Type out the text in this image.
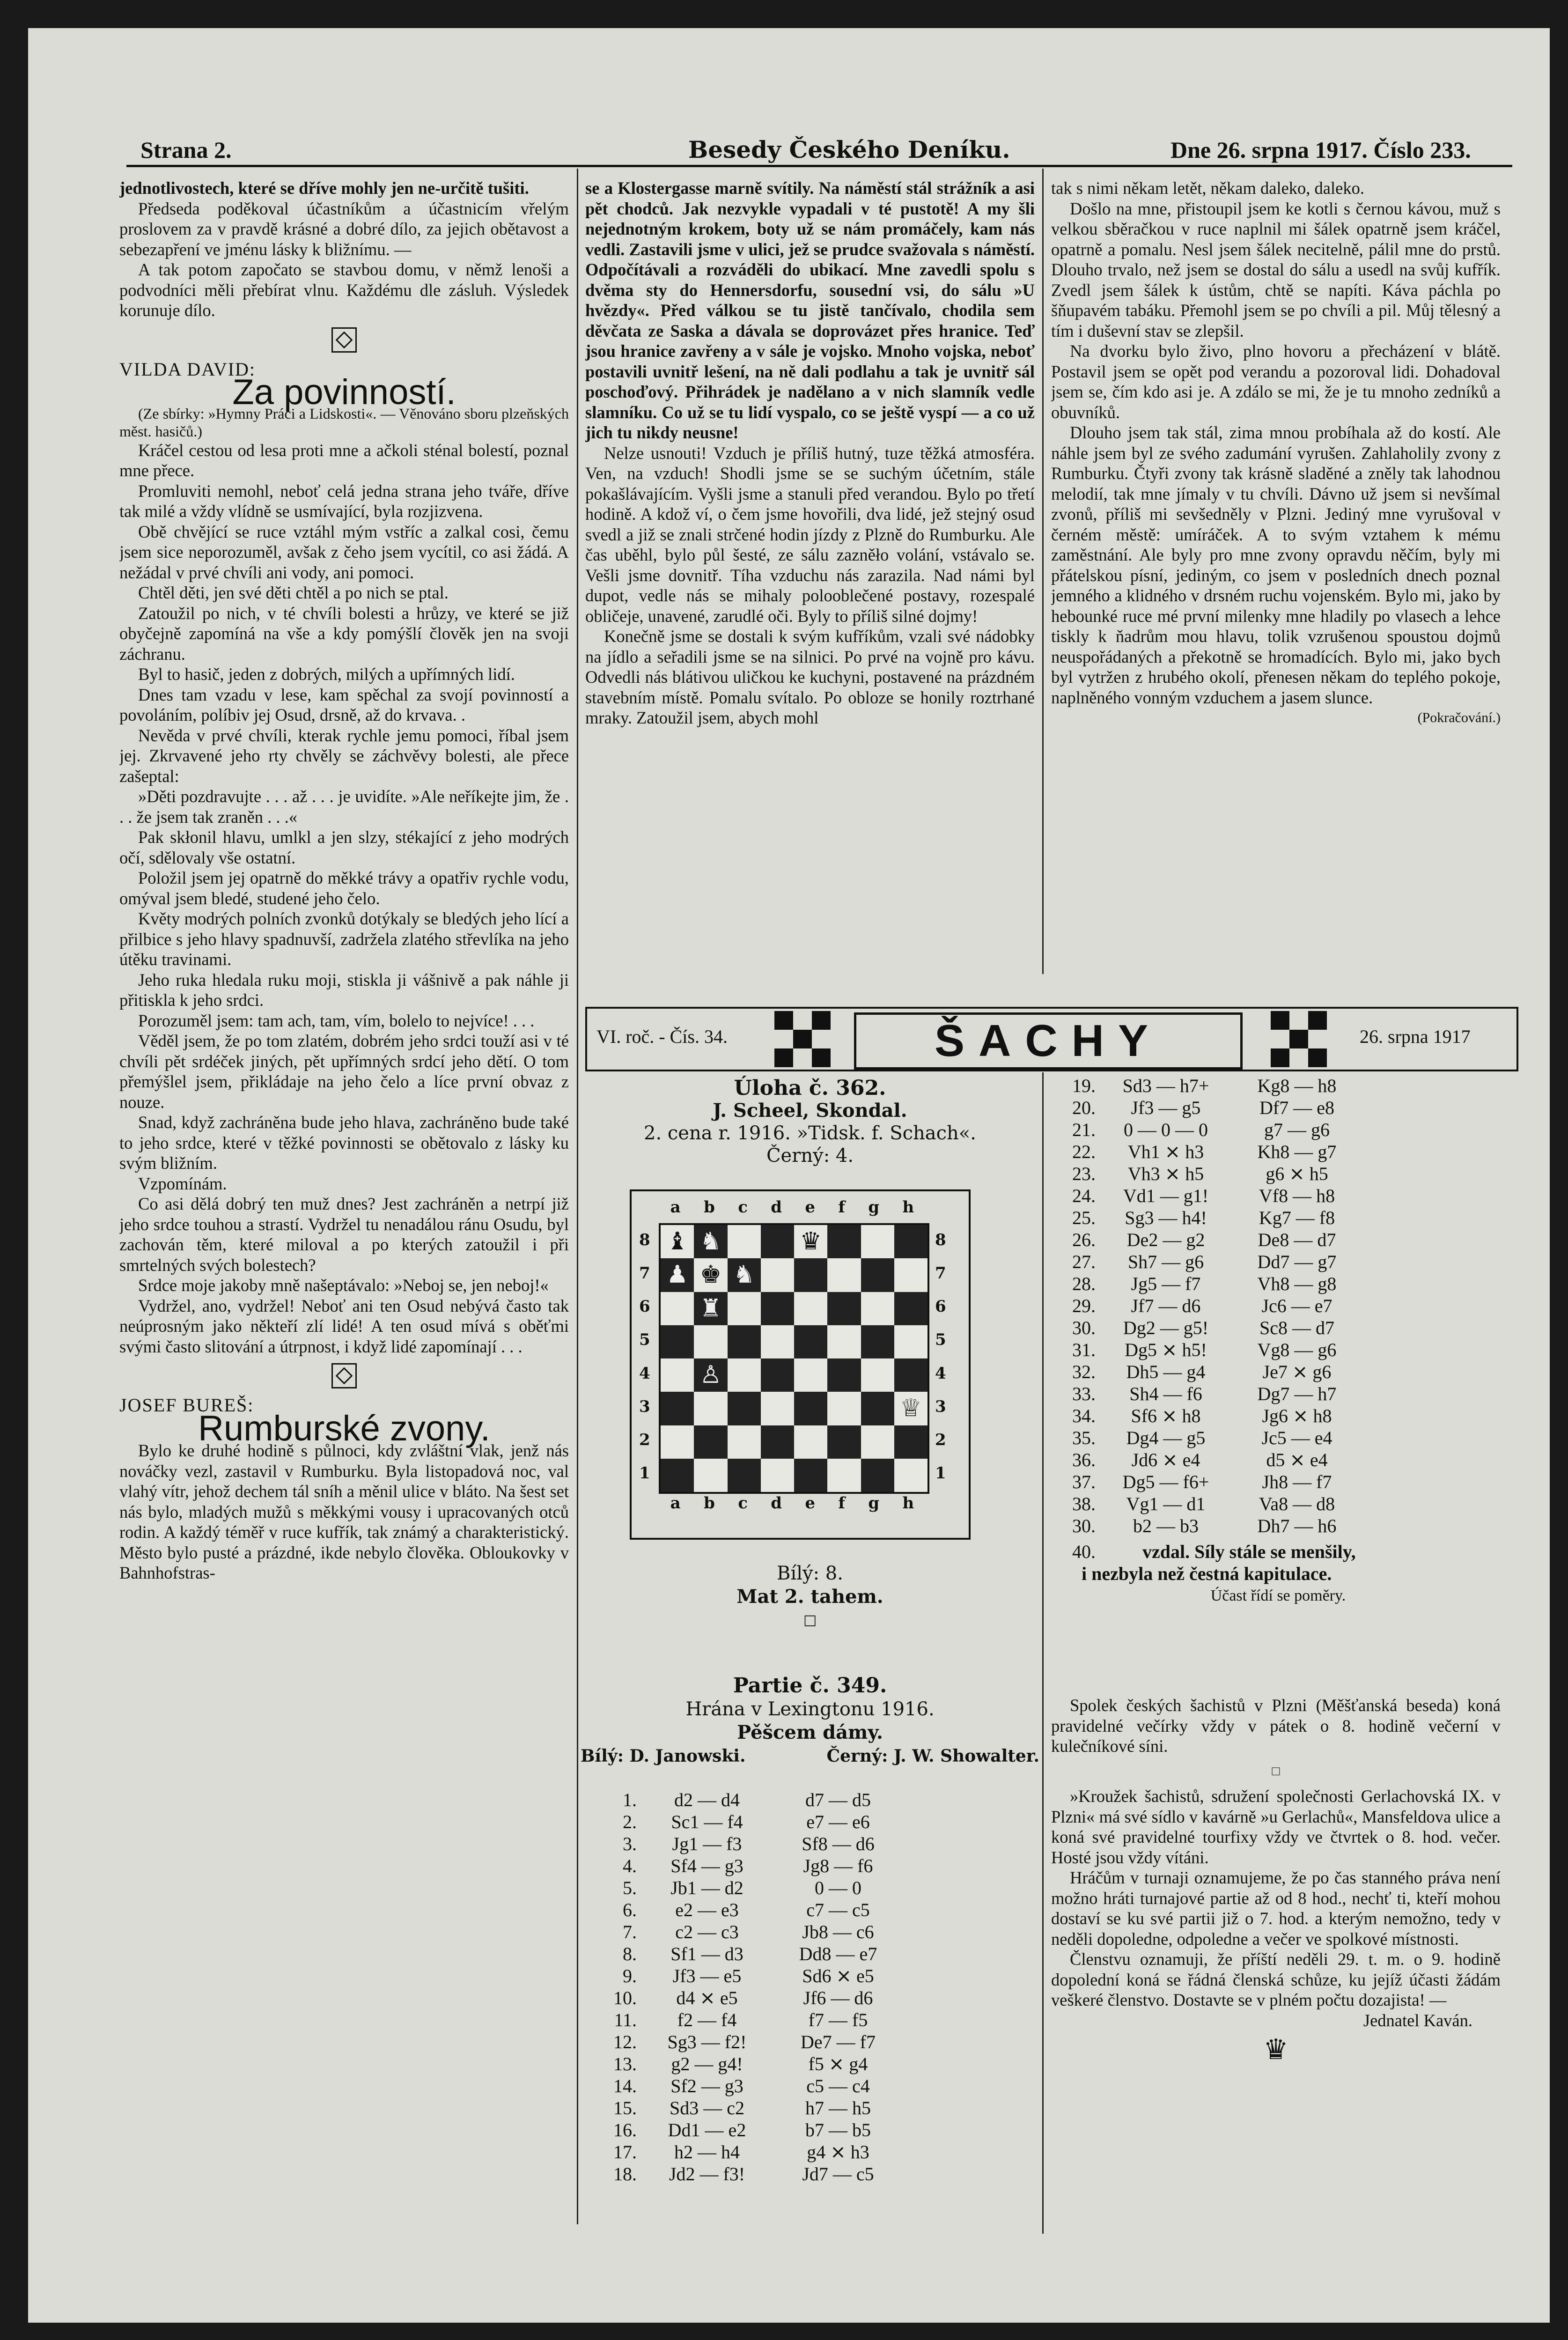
Strana 2.	Besedy Českého Deníku.	Dne 26. srpna 1917. Číslo 233.

jednotlivostech, které se dříve mohly jen ne-určitě tušiti.

Předseda poděkoval účastníkům a účastnicím vřelým proslovem za v pravdě krásné a dobré dílo, za jejich obětavost a sebezapření ve jménu lásky k bližnímu. —

A tak potom započato se stavbou domu, v němž lenoši a podvodníci měli přebírat vlnu. Každému dle zásluh. Výsledek korunuje dílo.

VILDA DAVID:
Za povinností.

(Ze sbírky: »Hymny Práci a Lidskosti«. — Věnováno sboru plzeňských měst. hasičů.)

Kráčel cestou od lesa proti mne a ačkoli sténal bolestí, poznal mne přece.

Promluviti nemohl, neboť celá jedna strana jeho tváře, dříve tak milé a vždy vlídně se usmívající, byla rozjizvena.

Obě chvějící se ruce vztáhl mým vstříc a zalkal cosi, čemu jsem sice neporozuměl, avšak z čeho jsem vycítil, co asi žádá. A nežádal v prvé chvíli ani vody, ani pomoci.

Chtěl děti, jen své děti chtěl a po nich se ptal.

Zatoužil po nich, v té chvíli bolesti a hrůzy, ve které se již obyčejně zapomíná na vše a kdy pomýšlí člověk jen na svoji záchranu.

Byl to hasič, jeden z dobrých, milých a upřímných lidí.

Dnes tam vzadu v lese, kam spěchal za svojí povinností a povoláním, políbiv jej Osud, drsně, až do krvava. .

Nevěda v prvé chvíli, kterak rychle jemu pomoci, říbal jsem jej. Zkrvavené jeho rty chvěly se záchvěvy bolesti, ale přece zašeptal:

»Děti pozdravujte . . . až . . . je uvidíte. »Ale neříkejte jim, že . . . že jsem tak zraněn . . .«

Pak skłonil hlavu, umlkl a jen slzy, stékající z jeho modrých očí, sdělovaly vše ostatní.

Položil jsem jej opatrně do měkké trávy a opatřiv rychle vodu, omýval jsem bledé, studené jeho čelo.

Květy modrých polních zvonků dotýkaly se bledých jeho lící a přilbice s jeho hlavy spadnuvší, zadržela zlatého střevlíka na jeho útěku travinami.

Jeho ruka hledala ruku moji, stiskla ji vášnivě a pak náhle ji přitiskla k jeho srdci.

Porozuměl jsem: tam ach, tam, vím, bolelo to nejvíce! . . .

Věděl jsem, že po tom zlatém, dobrém jeho srdci touží asi v té chvíli pět srdéček jiných, pět upřímných srdcí jeho dětí. O tom přemýšlel jsem, přikládaje na jeho čelo a líce první obvaz z nouze.

Snad, když zachráněna bude jeho hlava, zachráněno bude také to jeho srdce, které v těžké povinnosti se obětovalo z lásky ku svým bližním.

Vzpomínám.

Co asi dělá dobrý ten muž dnes? Jest zachráněn a netrpí již jeho srdce touhou a strastí. Vydržel tu nenadálou ránu Osudu, byl zachován těm, které miloval a po kterých zatoužil i při smrtelných svých bolestech?

Srdce moje jakoby mně našeptávalo: »Neboj se, jen neboj!«

Vydržel, ano, vydržel! Neboť ani ten Osud nebývá často tak neúprosným jako někteří zlí lidé! A ten osud mívá s oběťmi svými často slitování a útrpnost, i když lidé zapomínají . . .

JOSEF BUREŠ:
Rumburské zvony.

Bylo ke druhé hodině s půlnoci, kdy zvláštní vlak, jenž nás nováčky vezl, zastavil v Rumburku. Byla listopadová noc, val vlahý vítr, jehož dechem tál sníh a měnil ulice v bláto. Na šest set nás bylo, mladých mužů s měkkými vousy i upracovaných otců rodin. A každý téměř v ruce kufřík, tak známý a charakteristický. Město bylo pusté a prázdné, ikde nebylo člověka. Obloukovky v Bahnhofstras-

se a Klostergasse marně svítily. Na náměstí stál strážník a asi pět chodců. Jak nezvykle vypadali v té pustotě! A my šli nejednotným krokem, boty už se nám promáčely, kam nás vedli. Zastavili jsme v ulici, jež se prudce svažovala s náměstí. Odpočítávali a rozváděli do ubikací. Mne zavedli spolu s dvěma sty do Hennersdorfu, sousední vsi, do sálu »U hvězdy«. Před válkou se tu jistě tančívalo, chodila sem děvčata ze Saska a dávala se doprovázet přes hranice. Teď jsou hranice zavřeny a v sále je vojsko. Mnoho vojska, neboť postavili uvnitř lešení, na ně dali podlahu a tak je uvnitř sál poschoďový. Přihrádek je nadělano a v nich slamník vedle slamníku. Co už se tu lidí vyspalo, co se ještě vyspí — a co už jich tu nikdy neusne!

Nelze usnouti! Vzduch je příliš hutný, tuze těžká atmosféra. Ven, na vzduch! Shodli jsme se se suchým účetním, stále pokašlávajícím. Vyšli jsme a stanuli před verandou. Bylo po třetí hodině. A kdož ví, o čem jsme hovořili, dva lidé, jež stejný osud svedl a již se znali strčené hodin jízdy z Plzně do Rumburku. Ale čas uběhl, bylo půl šesté, ze sálu zazněło volání, vstávalo se. Vešli jsme dovnitř. Tíha vzduchu nás zarazila. Nad námi byl dupot, vedle nás se mihaly polooblečené postavy, rozespalé obličeje, unavené, zarudlé oči. Byly to příliš silné dojmy!

Konečně jsme se dostali k svým kufříkům, vzali své nádobky na jídlo a seřadili jsme se na silnici. Po prvé na vojně pro kávu. Odvedli nás blátivou uličkou ke kuchyni, postavené na prázdném stavebním místě. Pomalu svítalo. Po obloze se honily roztrhané mraky. Zatoužil jsem, abych mohl

tak s nimi někam letět, někam daleko, daleko.

Došlo na mne, přistoupil jsem ke kotli s černou kávou, muž s velkou sběračkou v ruce naplnil mi šálek opatrně jsem kráčel, opatrně a pomalu. Nesl jsem šálek necitelně, pálil mne do prstů. Dlouho trvalo, než jsem se dostal do sálu a usedl na svůj kufřík. Zvedl jsem šálek k ústům, chtě se napíti. Káva páchla po šňupavém tabáku. Přemohl jsem se po chvíli a pil. Můj tělesný a tím i duševní stav se zlepšil.

Na dvorku bylo živo, plno hovoru a přecházení v blátě. Postavil jsem se opět pod verandu a pozoroval lidi. Dohadoval jsem se, čím kdo asi je. A zdálo se mi, že je tu mnoho zedníků a obuvníků.

Dlouho jsem tak stál, zima mnou probíhala až do kostí. Ale náhle jsem byl ze svého zadumání vyrušen. Zahlaholily zvony z Rumburku. Čtyři zvony tak krásně sladěné a zněly tak lahodnou melodií, tak mne jímaly v tu chvíli. Dávno už jsem si nevšímal zvonů, příliš mi sevšedněly v Plzni. Jediný mne vyrušoval v černém městě: umíráček. A to svým vztahem k mému zaměstnání. Ale byly pro mne zvony opravdu něčím, byly mi přátelskou písní, jediným, co jsem v posledních dnech poznal jemného a klidného v drsném ruchu vojenském. Bylo mi, jako by hebounké ruce mé první milenky mne hladily po vlasech a lehce tiskly k ňadrům mou hlavu, tolik vzrušenou spoustou dojmů neuspořádaných a překotně se hromadících. Bylo mi, jako bych byl vytržen z hrubého okolí, přenesen někam do teplého pokoje, naplněného vonným vzduchem a jasem slunce.

(Pokračování.)
VI. roč. - Čís. 34.	ŠACHY	26. srpna 1917
Úloha č. 362.
J. Scheel, Skondal.
2. cena r. 1916. »Tidsk. f. Schach«.
Černý: 4.
a b c d e f g h
a b c d e f g h
8
7
6
5
4
3
2
1
8
7
6
5
4
3
2
1
♝ ♞	♛
♟ ♚ ♞
♜
♙
♕
Bílý: 8.
Mat 2. tahem.
□
Partie č. 349.
Hrána v Lexingtonu 1916.
Pěšcem dámy.
Bílý: D. Janowski.	Černý: J. W. Showalter.
1.	d2 — d4	d7 — d5
2.	Sc1 — f4	e7 — e6
3.	Jg1 — f3	Sf8 — d6
4.	Sf4 — g3	Jg8 — f6
5.	Jb1 — d2	0 — 0
6.	e2 — e3	c7 — c5
7.	c2 — c3	Jb8 — c6
8.	Sf1 — d3	Dd8 — e7
9.	Jf3 — e5	Sd6 ⨯ e5
10.	d4 ⨯ e5	Jf6 — d6
11.	f2 — f4	f7 — f5
12.	Sg3 — f2!	De7 — f7
13.	g2 — g4!	f5 ⨯ g4
14.	Sf2 — g3	c5 — c4
15.	Sd3 — c2	h7 — h5
16.	Dd1 — e2	b7 — b5
17.	h2 — h4	g4 ⨯ h3
18.	Jd2 — f3!	Jd7 — c5
19.	Sd3 — h7+	Kg8 — h8
20.	Jf3 — g5	Df7 — e8
21.	0 — 0 — 0	g7 — g6
22.	Vh1 ⨯ h3	Kh8 — g7
23.	Vh3 ⨯ h5	g6 ⨯ h5
24.	Vd1 — g1!	Vf8 — h8
25.	Sg3 — h4!	Kg7 — f8
26.	De2 — g2	De8 — d7
27.	Sh7 — g6	Dd7 — g7
28.	Jg5 — f7	Vh8 — g8
29.	Jf7 — d6	Jc6 — e7
30.	Dg2 — g5!	Sc8 — d7
31.	Dg5 ⨯ h5!	Vg8 — g6
32.	Dh5 — g4	Je7 ⨯ g6
33.	Sh4 — f6	Dg7 — h7
34.	Sf6 ⨯ h8	Jg6 ⨯ h8
35.	Dg4 — g5	Jc5 — e4
36.	Jd6 ⨯ e4	d5 ⨯ e4
37.	Dg5 — f6+	Jh8 — f7
38.	Vg1 — d1	Va8 — d8
30.	b2 — b3	Dh7 — h6
40.	vzdal. Síly stále se menšily,
i nezbyla než čestná kapitulace.
Účast řídí se poměry.

Spolek českých šachistů v Plzni (Měšťanská beseda) koná pravidelné večírky vždy v pátek o 8. hodině večerní v kulečníkové síni.

□

»Kroužek šachistů, sdružení společnosti Gerlachovská IX. v Plzni« má své sídlo v kavárně »u Gerlachů«, Mansfeldova ulice a koná své pravidelné tourfixy vždy ve čtvrtek o 8. hod. večer. Hosté jsou vždy vítáni.

Hráčům v turnaji oznamujeme, že po čas stanného práva není možno hráti turnajové partie až od 8 hod., nechť ti, kteří mohou dostaví se ku své partii již o 7. hod. a kterým nemožno, tedy v neděli dopoledne, odpoledne a večer ve spolkové místnosti.

Členstvu oznamuji, že příští neděli 29. t. m. o 9. hodině dopolední koná se řádná členská schůze, ku jejíž účasti žádám veškeré členstvo. Dostavte se v plném počtu dozajista! —

Jednatel Kaván.
♛
